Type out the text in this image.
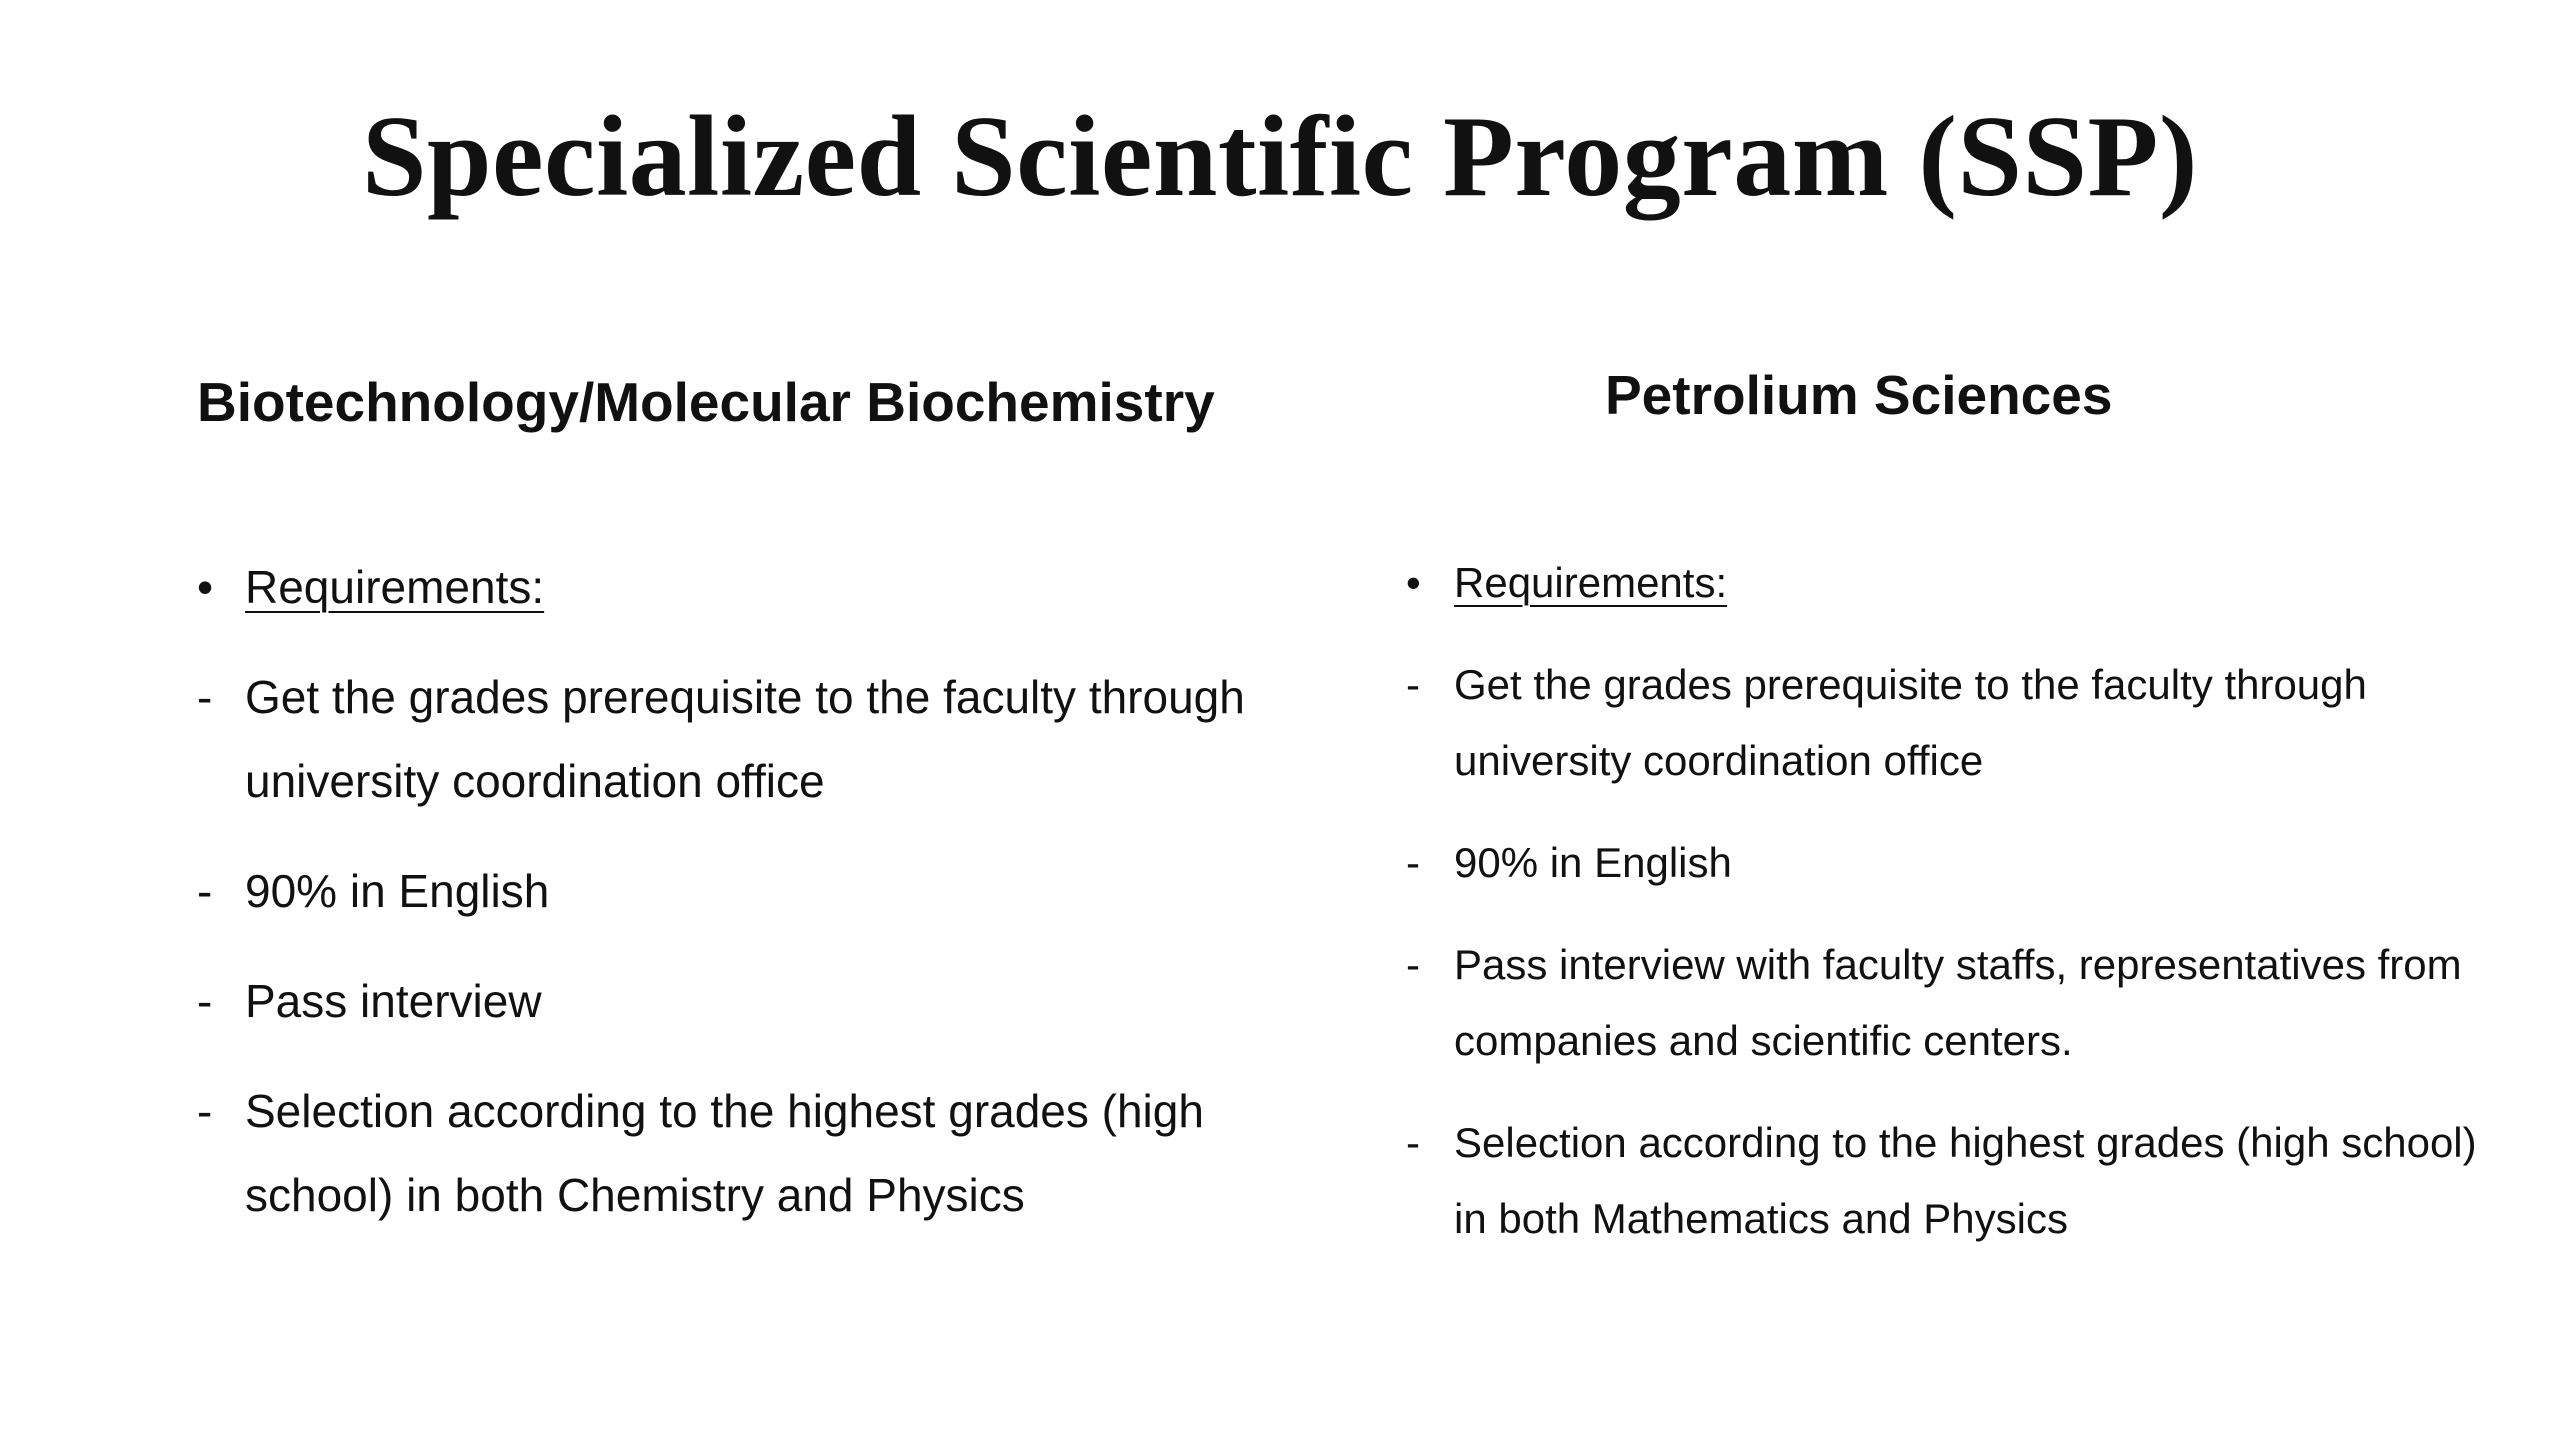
Specialized Scientific Program (SSP)
Biotechnology/Molecular Biochemistry	Petrolium Sciences
• Requirements:
- Get the grades prerequisite to the faculty through university coordination office
- 90% in English
- Pass interview
- Selection according to the highest grades (high school) in both Chemistry and Physics
• Requirements:
- Get the grades prerequisite to the faculty through university coordination office
- 90% in English
- Pass interview with faculty staffs, representatives from companies and scientific centers.
- Selection according to the highest grades (high school) in both Mathematics and Physics
